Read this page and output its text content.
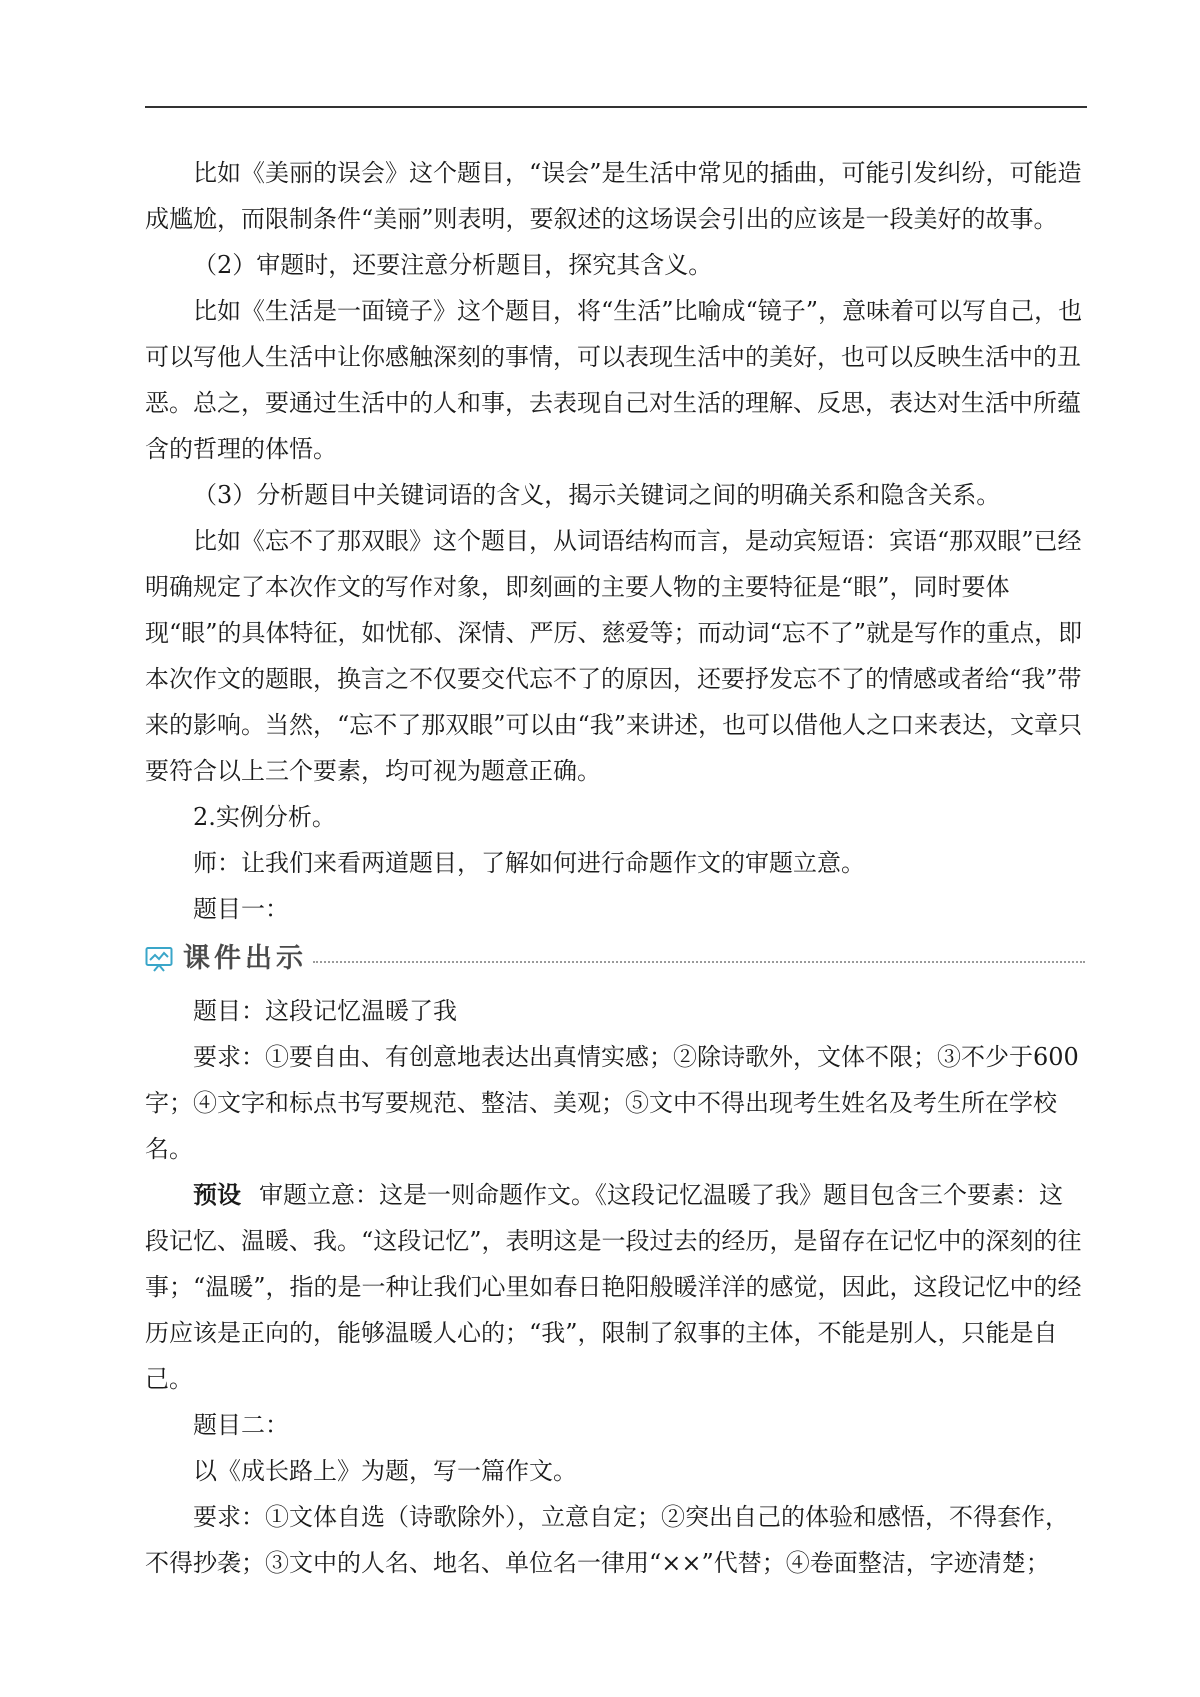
比如《美丽的误会》这个题目，“误会”是生活中常见的插曲，可能引发纠纷，可能造成尴尬，而限制条件“美丽”则表明，要叙述的这场误会引出的应该是一段美好的故事。

（2）审题时，还要注意分析题目，探究其含义。

比如《生活是一面镜子》这个题目，将“生活”比喻成“镜子”，意味着可以写自己，也可以写他人生活中让你感触深刻的事情，可以表现生活中的美好，也可以反映生活中的丑恶。总之，要通过生活中的人和事，去表现自己对生活的理解、反思，表达对生活中所蕴含的哲理的体悟。

（3）分析题目中关键词语的含义，揭示关键词之间的明确关系和隐含关系。

比如《忘不了那双眼》这个题目，从词语结构而言，是动宾短语：宾语“那双眼”已经明确规定了本次作文的写作对象，即刻画的主要人物的主要特征是“眼”，同时要体现“眼”的具体特征，如忧郁、深情、严厉、慈爱等；而动词“忘不了”就是写作的重点，即本次作文的题眼，换言之不仅要交代忘不了的原因，还要抒发忘不了的情感或者给“我”带来的影响。当然，“忘不了那双眼”可以由“我”来讲述，也可以借他人之口来表达，文章只要符合以上三个要素，均可视为题意正确。

2.实例分析。

师：让我们来看两道题目，了解如何进行命题作文的审题立意。

题目一：

课件出示

题目：这段记忆温暖了我

要求：①要自由、有创意地表达出真情实感；②除诗歌外，文体不限；③不少于600字；④文字和标点书写要规范、整洁、美观；⑤文中不得出现考生姓名及考生所在学校名。

预设 审题立意：这是一则命题作文。《这段记忆温暖了我》题目包含三个要素：这段记忆、温暖、我。“这段记忆”，表明这是一段过去的经历，是留存在记忆中的深刻的往事；“温暖”，指的是一种让我们心里如春日艳阳般暖洋洋的感觉，因此，这段记忆中的经历应该是正向的，能够温暖人心的；“我”，限制了叙事的主体，不能是别人，只能是自己。

题目二：

以《成长路上》为题，写一篇作文。

要求：①文体自选（诗歌除外），立意自定；②突出自己的体验和感悟，不得套作，不得抄袭；③文中的人名、地名、单位名一律用“××”代替；④卷面整洁，字迹清楚；
